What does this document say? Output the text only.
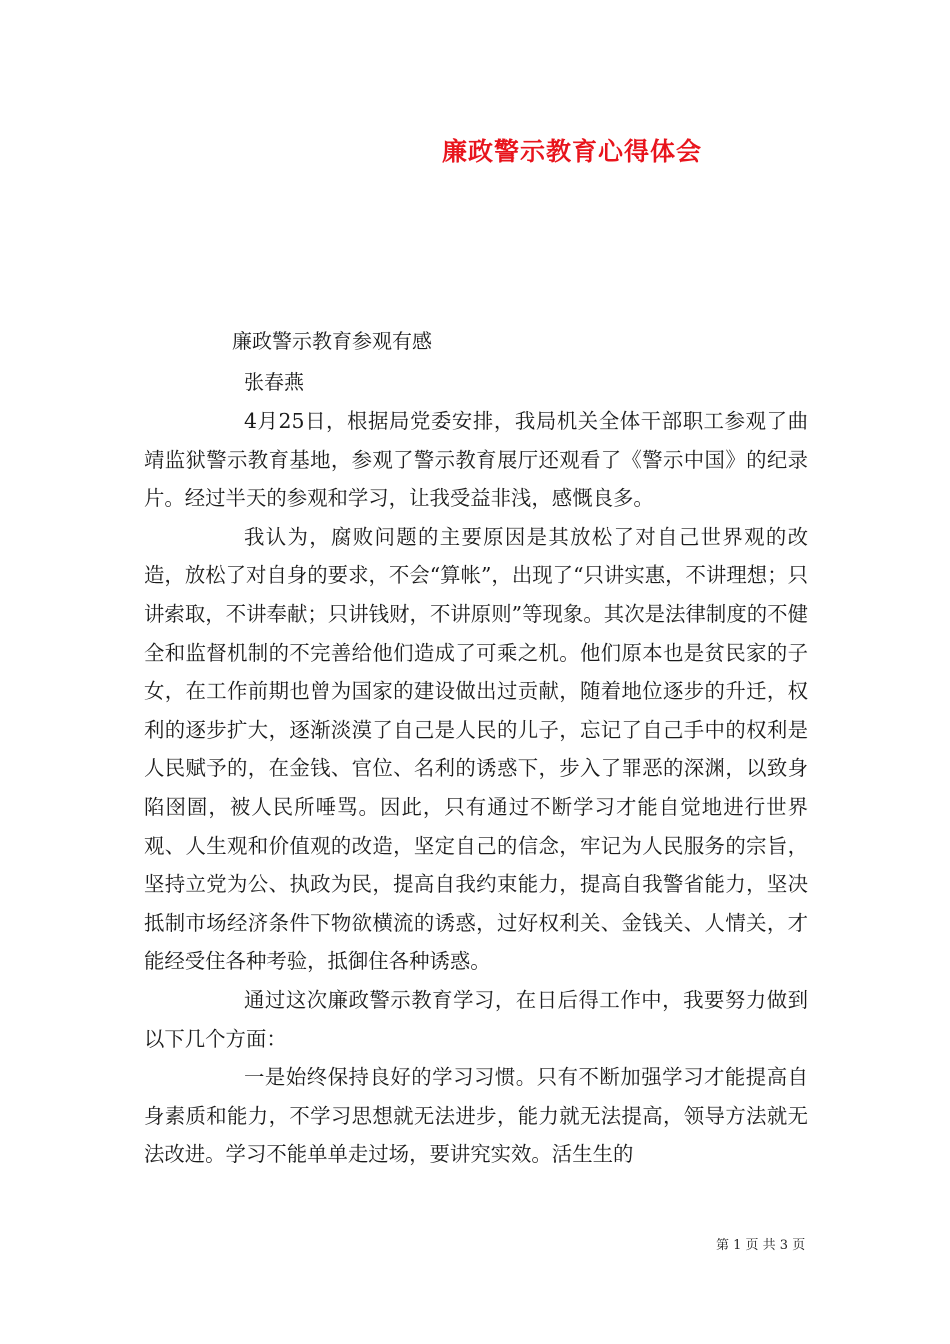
廉政警示教育心得体会
廉政警示教育参观有感
张春燕

4月25日，根据局党委安排，我局机关全体干部职工参观了曲靖监狱警示教育基地，参观了警示教育展厅还观看了《警示中国》的纪录片。经过半天的参观和学习，让我受益非浅，感慨良多。

我认为，腐败问题的主要原因是其放松了对自己世界观的改造，放松了对自身的要求，不会“算帐”，出现了“只讲实惠，不讲理想；只讲索取，不讲奉献；只讲钱财，不讲原则”等现象。其次是法律制度的不健全和监督机制的不完善给他们造成了可乘之机。他们原本也是贫民家的子女，在工作前期也曾为国家的建设做出过贡献，随着地位逐步的升迁，权利的逐步扩大，逐渐淡漠了自己是人民的儿子，忘记了自己手中的权利是人民赋予的，在金钱、官位、名利的诱惑下，步入了罪恶的深渊，以致身陷囹圄，被人民所唾骂。因此，只有通过不断学习才能自觉地进行世界观、人生观和价值观的改造，坚定自己的信念，牢记为人民服务的宗旨，坚持立党为公、执政为民，提高自我约束能力，提高自我警省能力，坚决抵制市场经济条件下物欲横流的诱惑，过好权利关、金钱关、人情关，才能经受住各种考验，抵御住各种诱惑。

通过这次廉政警示教育学习，在日后得工作中，我要努力做到以下几个方面：

一是始终保持良好的学习习惯。只有不断加强学习才能提高自身素质和能力，不学习思想就无法进步，能力就无法提高，领导方法就无法改进。学习不能单单走过场，要讲究实效。活生生的

第 1 页 共 3 页
